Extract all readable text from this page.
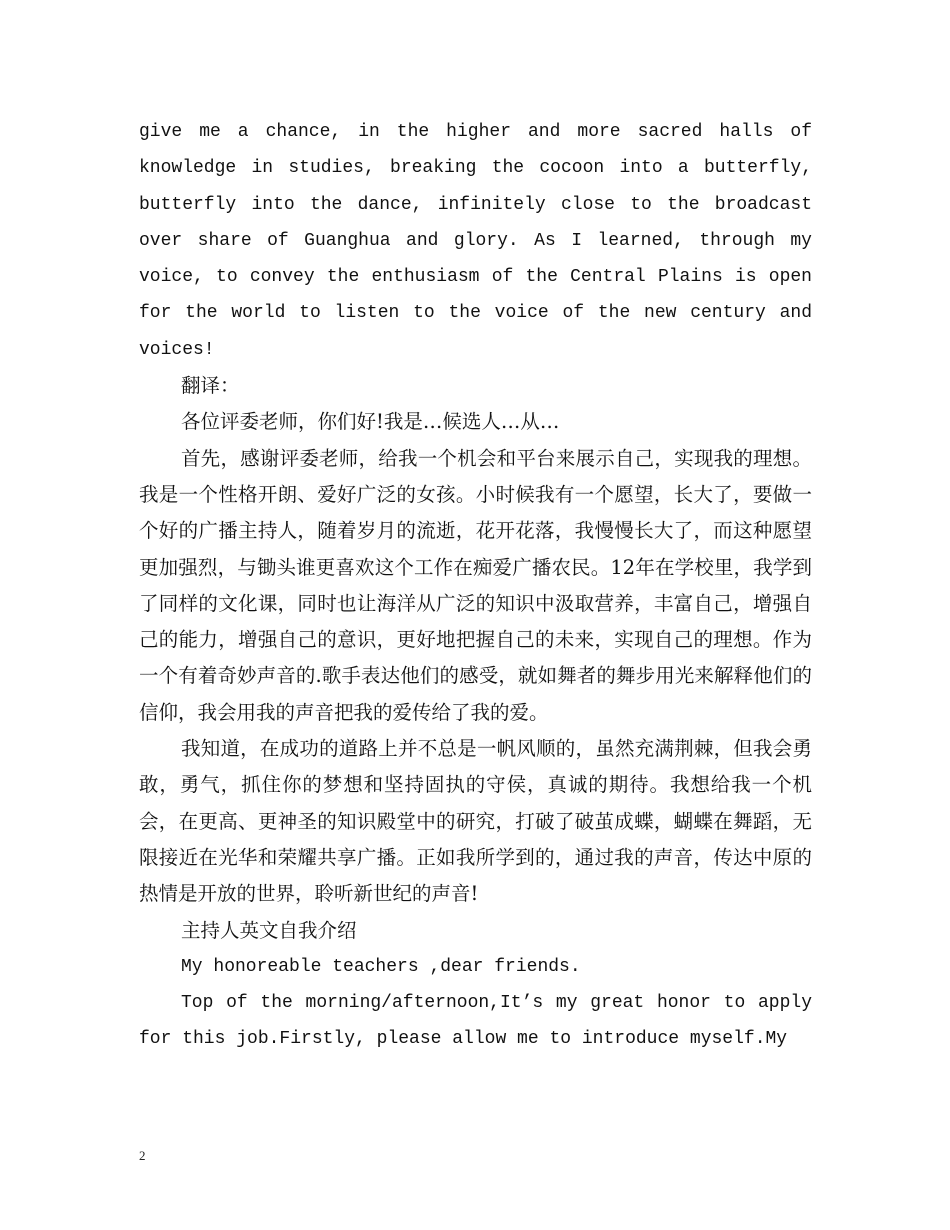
give me a chance, in the higher and more sacred halls of knowledge in studies, breaking the cocoon into a butterfly, butterfly into the dance, infinitely close to the broadcast over share of Guanghua and glory. As I learned, through my voice, to convey the enthusiasm of the Central Plains is open for the world to listen to the voice of the new century and voices!

翻译：

各位评委老师，你们好!我是…候选人…从…

首先，感谢评委老师，给我一个机会和平台来展示自己，实现我的理想。我是一个性格开朗、爱好广泛的女孩。小时候我有一个愿望，长大了，要做一个好的广播主持人，随着岁月的流逝，花开花落，我慢慢长大了，而这种愿望更加强烈，与锄头谁更喜欢这个工作在痴爱广播农民。12年在学校里，我学到了同样的文化课，同时也让海洋从广泛的知识中汲取营养，丰富自己，增强自己的能力，增强自己的意识，更好地把握自己的未来，实现自己的理想。作为一个有着奇妙声音的.歌手表达他们的感受，就如舞者的舞步用光来解释他们的信仰，我会用我的声音把我的爱传给了我的爱。

我知道，在成功的道路上并不总是一帆风顺的，虽然充满荆棘，但我会勇敢，勇气，抓住你的梦想和坚持固执的守侯，真诚的期待。我想给我一个机会，在更高、更神圣的知识殿堂中的研究，打破了破茧成蝶，蝴蝶在舞蹈，无限接近在光华和荣耀共享广播。正如我所学到的，通过我的声音，传达中原的热情是开放的世界，聆听新世纪的声音!

主持人英文自我介绍

My honoreable teachers ,dear friends.

Top of the morning/afternoon,It’s my great honor to apply for this job.Firstly, please allow me to introduce myself.My

2
